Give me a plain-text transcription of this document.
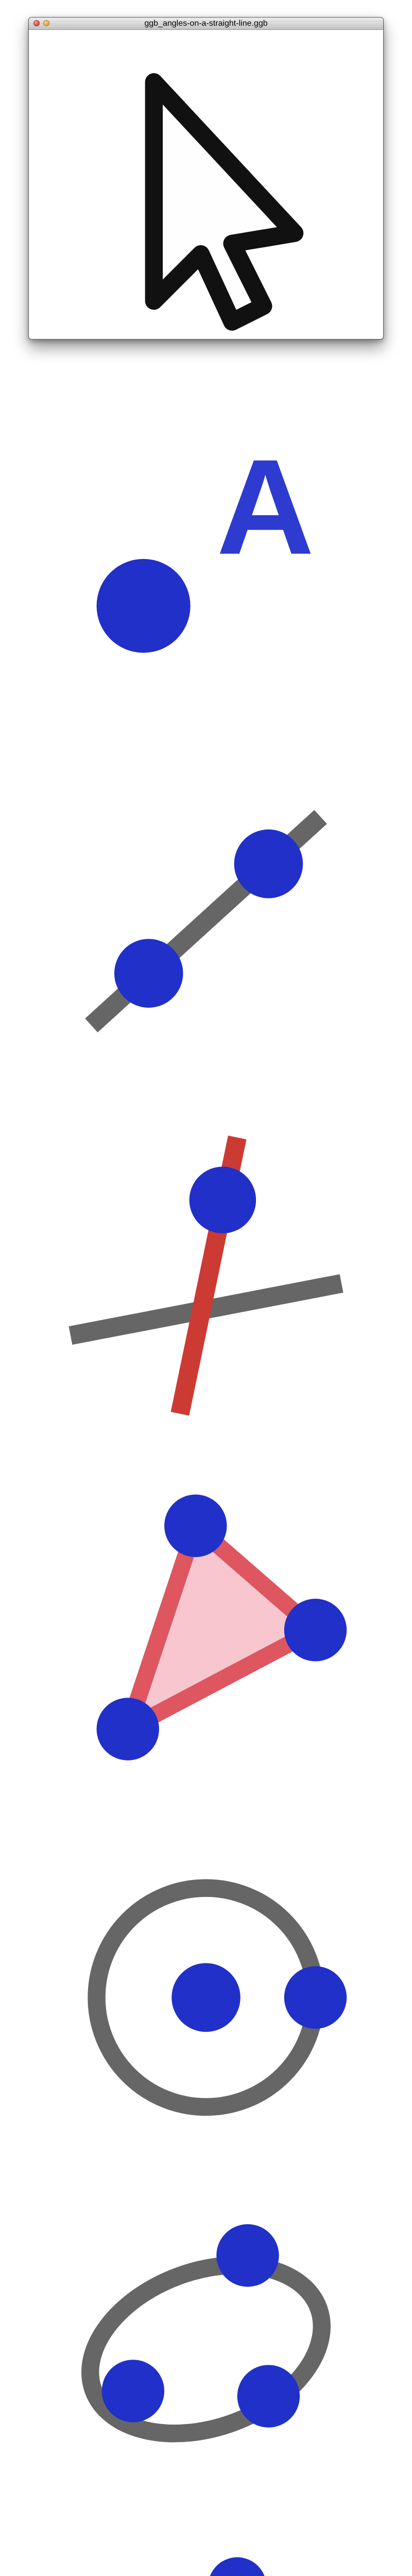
ggb_angles-on-a-straight-line.ggb
A
